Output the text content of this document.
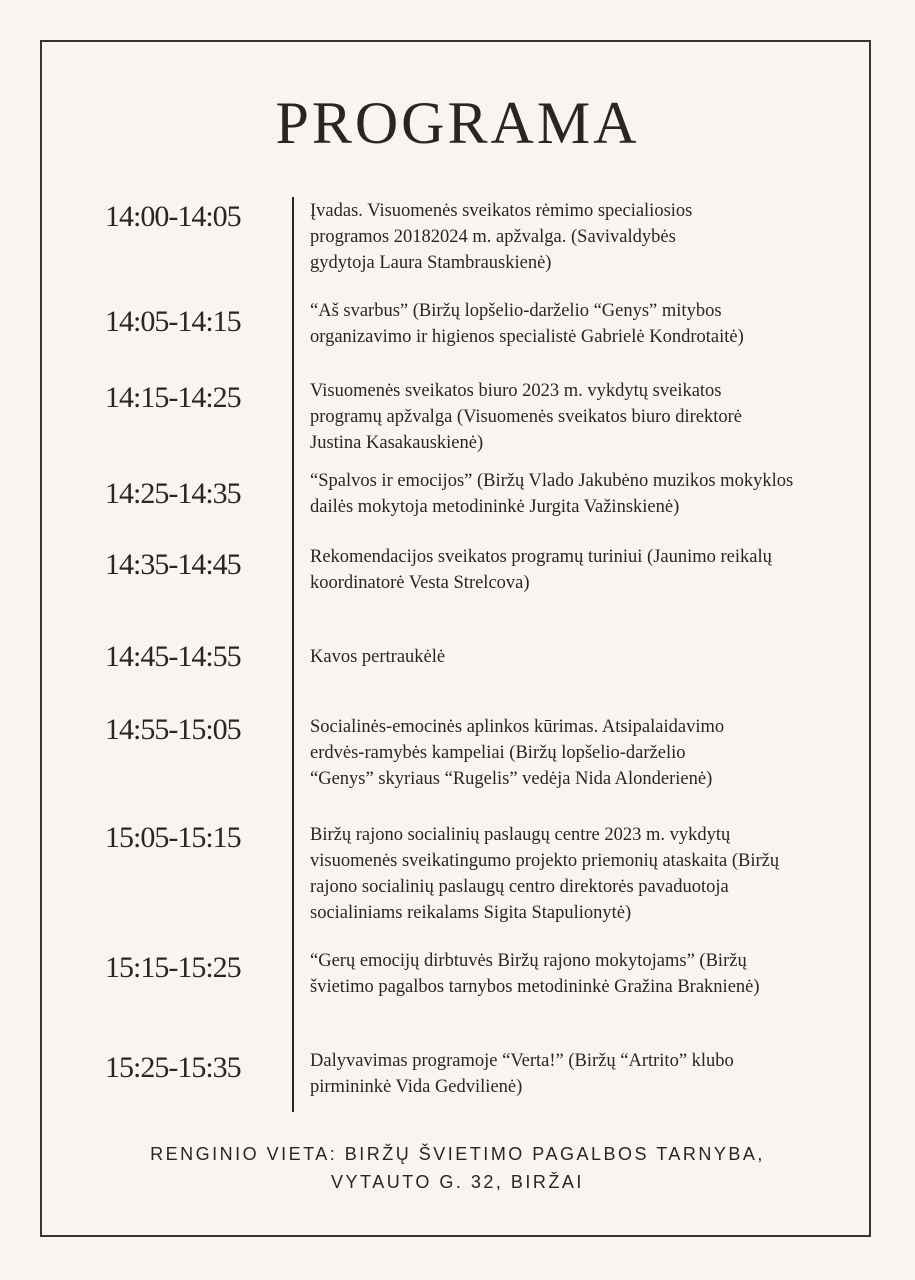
PROGRAMA
14:00-14:05	Įvadas. Visuomenės sveikatos rėmimo specialiosios
programos 20182024 m. apžvalga. (Savivaldybės
gydytoja Laura Stambrauskienė)
14:05-14:15	“Aš svarbus” (Biržų lopšelio-darželio “Genys” mitybos
organizavimo ir higienos specialistė Gabrielė Kondrotaitė)
14:15-14:25	Visuomenės sveikatos biuro 2023 m. vykdytų sveikatos
programų apžvalga (Visuomenės sveikatos biuro direktorė
Justina Kasakauskienė)
14:25-14:35	“Spalvos ir emocijos” (Biržų Vlado Jakubėno muzikos mokyklos
dailės mokytoja metodininkė Jurgita Važinskienė)
14:35-14:45	Rekomendacijos sveikatos programų turiniui (Jaunimo reikalų
koordinatorė Vesta Strelcova)
14:45-14:55	Kavos pertraukėlė
14:55-15:05	Socialinės-emocinės aplinkos kūrimas. Atsipalaidavimo
erdvės-ramybės kampeliai (Biržų lopšelio-darželio
“Genys” skyriaus “Rugelis” vedėja Nida Alonderienė)
15:05-15:15	Biržų rajono socialinių paslaugų centre 2023 m. vykdytų
visuomenės sveikatingumo projekto priemonių ataskaita (Biržų
rajono socialinių paslaugų centro direktorės pavaduotoja
socialiniams reikalams Sigita Stapulionytė)
15:15-15:25	“Gerų emocijų dirbtuvės Biržų rajono mokytojams” (Biržų
švietimo pagalbos tarnybos metodininkė Gražina Braknienė)
15:25-15:35	Dalyvavimas programoje “Verta!” (Biržų “Artrito” klubo
pirmininkė Vida Gedvilienė)
RENGINIO VIETA: BIRŽŲ ŠVIETIMO PAGALBOS TARNYBA,
VYTAUTO G. 32, BIRŽAI
